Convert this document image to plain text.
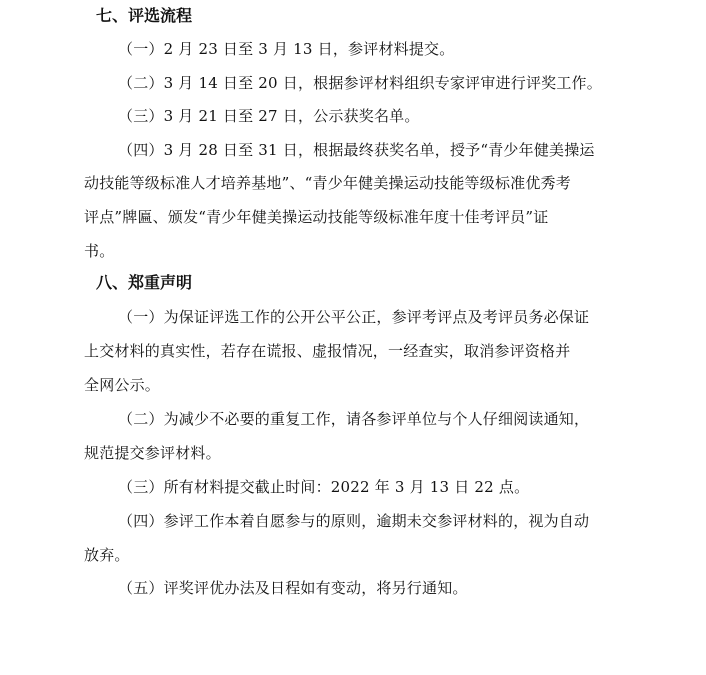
七、评选流程
（一）2 月 23 日至 3 月 13 日，参评材料提交。
（二）3 月 14 日至 20 日，根据参评材料组织专家评审进行评奖工作。
（三）3 月 21 日至 27 日，公示获奖名单。
（四）3 月 28 日至 31 日，根据最终获奖名单，授予“青少年健美操运
动技能等级标准人才培养基地”、“青少年健美操运动技能等级标准优秀考
评点”牌匾、颁发“青少年健美操运动技能等级标准年度十佳考评员”证
书。
八、郑重声明
（一）为保证评选工作的公开公平公正，参评考评点及考评员务必保证
上交材料的真实性，若存在谎报、虚报情况，一经查实，取消参评资格并
全网公示。
（二）为减少不必要的重复工作，请各参评单位与个人仔细阅读通知，
规范提交参评材料。
（三）所有材料提交截止时间：2022 年 3 月 13 日 22 点。
（四）参评工作本着自愿参与的原则，逾期未交参评材料的，视为自动
放弃。
（五）评奖评优办法及日程如有变动，将另行通知。
